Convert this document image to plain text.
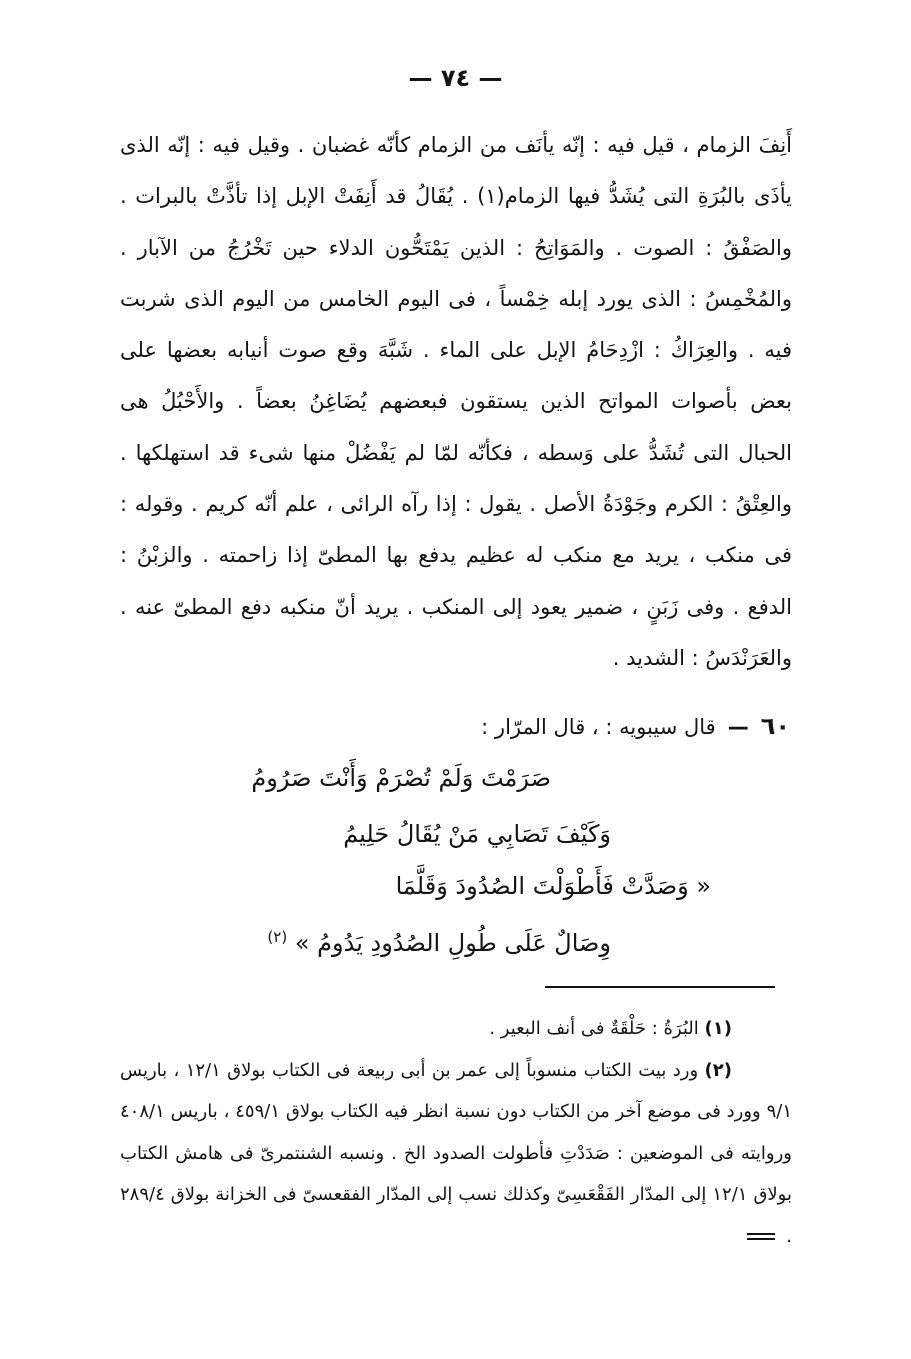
— ٧٤ —

أَنِفَ الزمام ، قيل فيه : إنّه يأنَف من الزمام كأنّه غضبان . وقيل فيه : إنّه الذى يأذَى بالبُرَةِ التى يُشَدُّ فيها الزمام(١) . يُقَالُ قد أَنِفَتْ الإبل إذا تأذَّتْ بالبرات . والصَفْقُ : الصوت . والمَوَاتِحُ : الذين يَمْتَحُّون الدلاء حين تَخْرُجُ من الآبار . والمُخْمِسُ : الذى يورد إبله خِمْساً ، فى اليوم الخامس من اليوم الذى شربت فيه . والعِرَاكُ : ازْدِحَامُ الإبل على الماء . شَبَّهَ وقع صوت أنيابه بعضها على بعض بأصوات المواتح الذين يستقون فبعضهم يُضَاغِنُ بعضاً . والأَحْبُلُ هى الحبال التى تُشَدُّ على وَسطه ، فكأنّه لمّا لم يَفْضُلْ منها شىء قد استهلكها . والعِتْقُ : الكرم وجَوْدَةُ الأصل . يقول : إذا رآه الرائى ، علم أنّه كريم . وقوله : فى منكب ، يريد مع منكب له عظيم يدفع بها المطىّ إذا زاحمته . والزبْنُ : الدفع . وفى زَبَنٍ ، ضمير يعود إلى المنكب . يريد أنّ منكبه دفع المطىّ عنه . والعَرَنْدَسُ : الشديد .

٦٠
—
قال سيبويه : ، قال المرّار :
صَرَمْتَ وَلَمْ تُصْرَمْ وَأَنْتَ صَرُومُ
وَكَيْفَ تَصَابِي مَنْ يُقَالُ حَلِيمُ
« وَصَدَّتْ فَأَطْوَلْتَ الصُدُودَ وَقَلَّمَا
وِصَالٌ عَلَى طُولِ الصُدُودِ يَدُومُ » $^{(٢)}$

(١) البُرَةُ : حَلْقَةٌ فى أنف البعير .

(٢) ورد بيت الكتاب منسوباً إلى عمر بن أبى ربيعة فى الكتاب بولاق ١٢/١ ، باريس ٩/١ وورد فى موضع آخر من الكتاب دون نسبة انظر فيه الكتاب بولاق ٤٥٩/١ ، باريس ٤٠٨/١ وروايته فى الموضعين : صَدَدْتِ فأطولت الصدود الخ . ونسبه الشنتمرىّ فى هامش الكتاب بولاق ١٢/١ إلى المدّار الفَقْعَسِىّ وكذلك نسب إلى المدّار الفقعسىّ فى الخزانة بولاق ٢٨٩/٤ .
